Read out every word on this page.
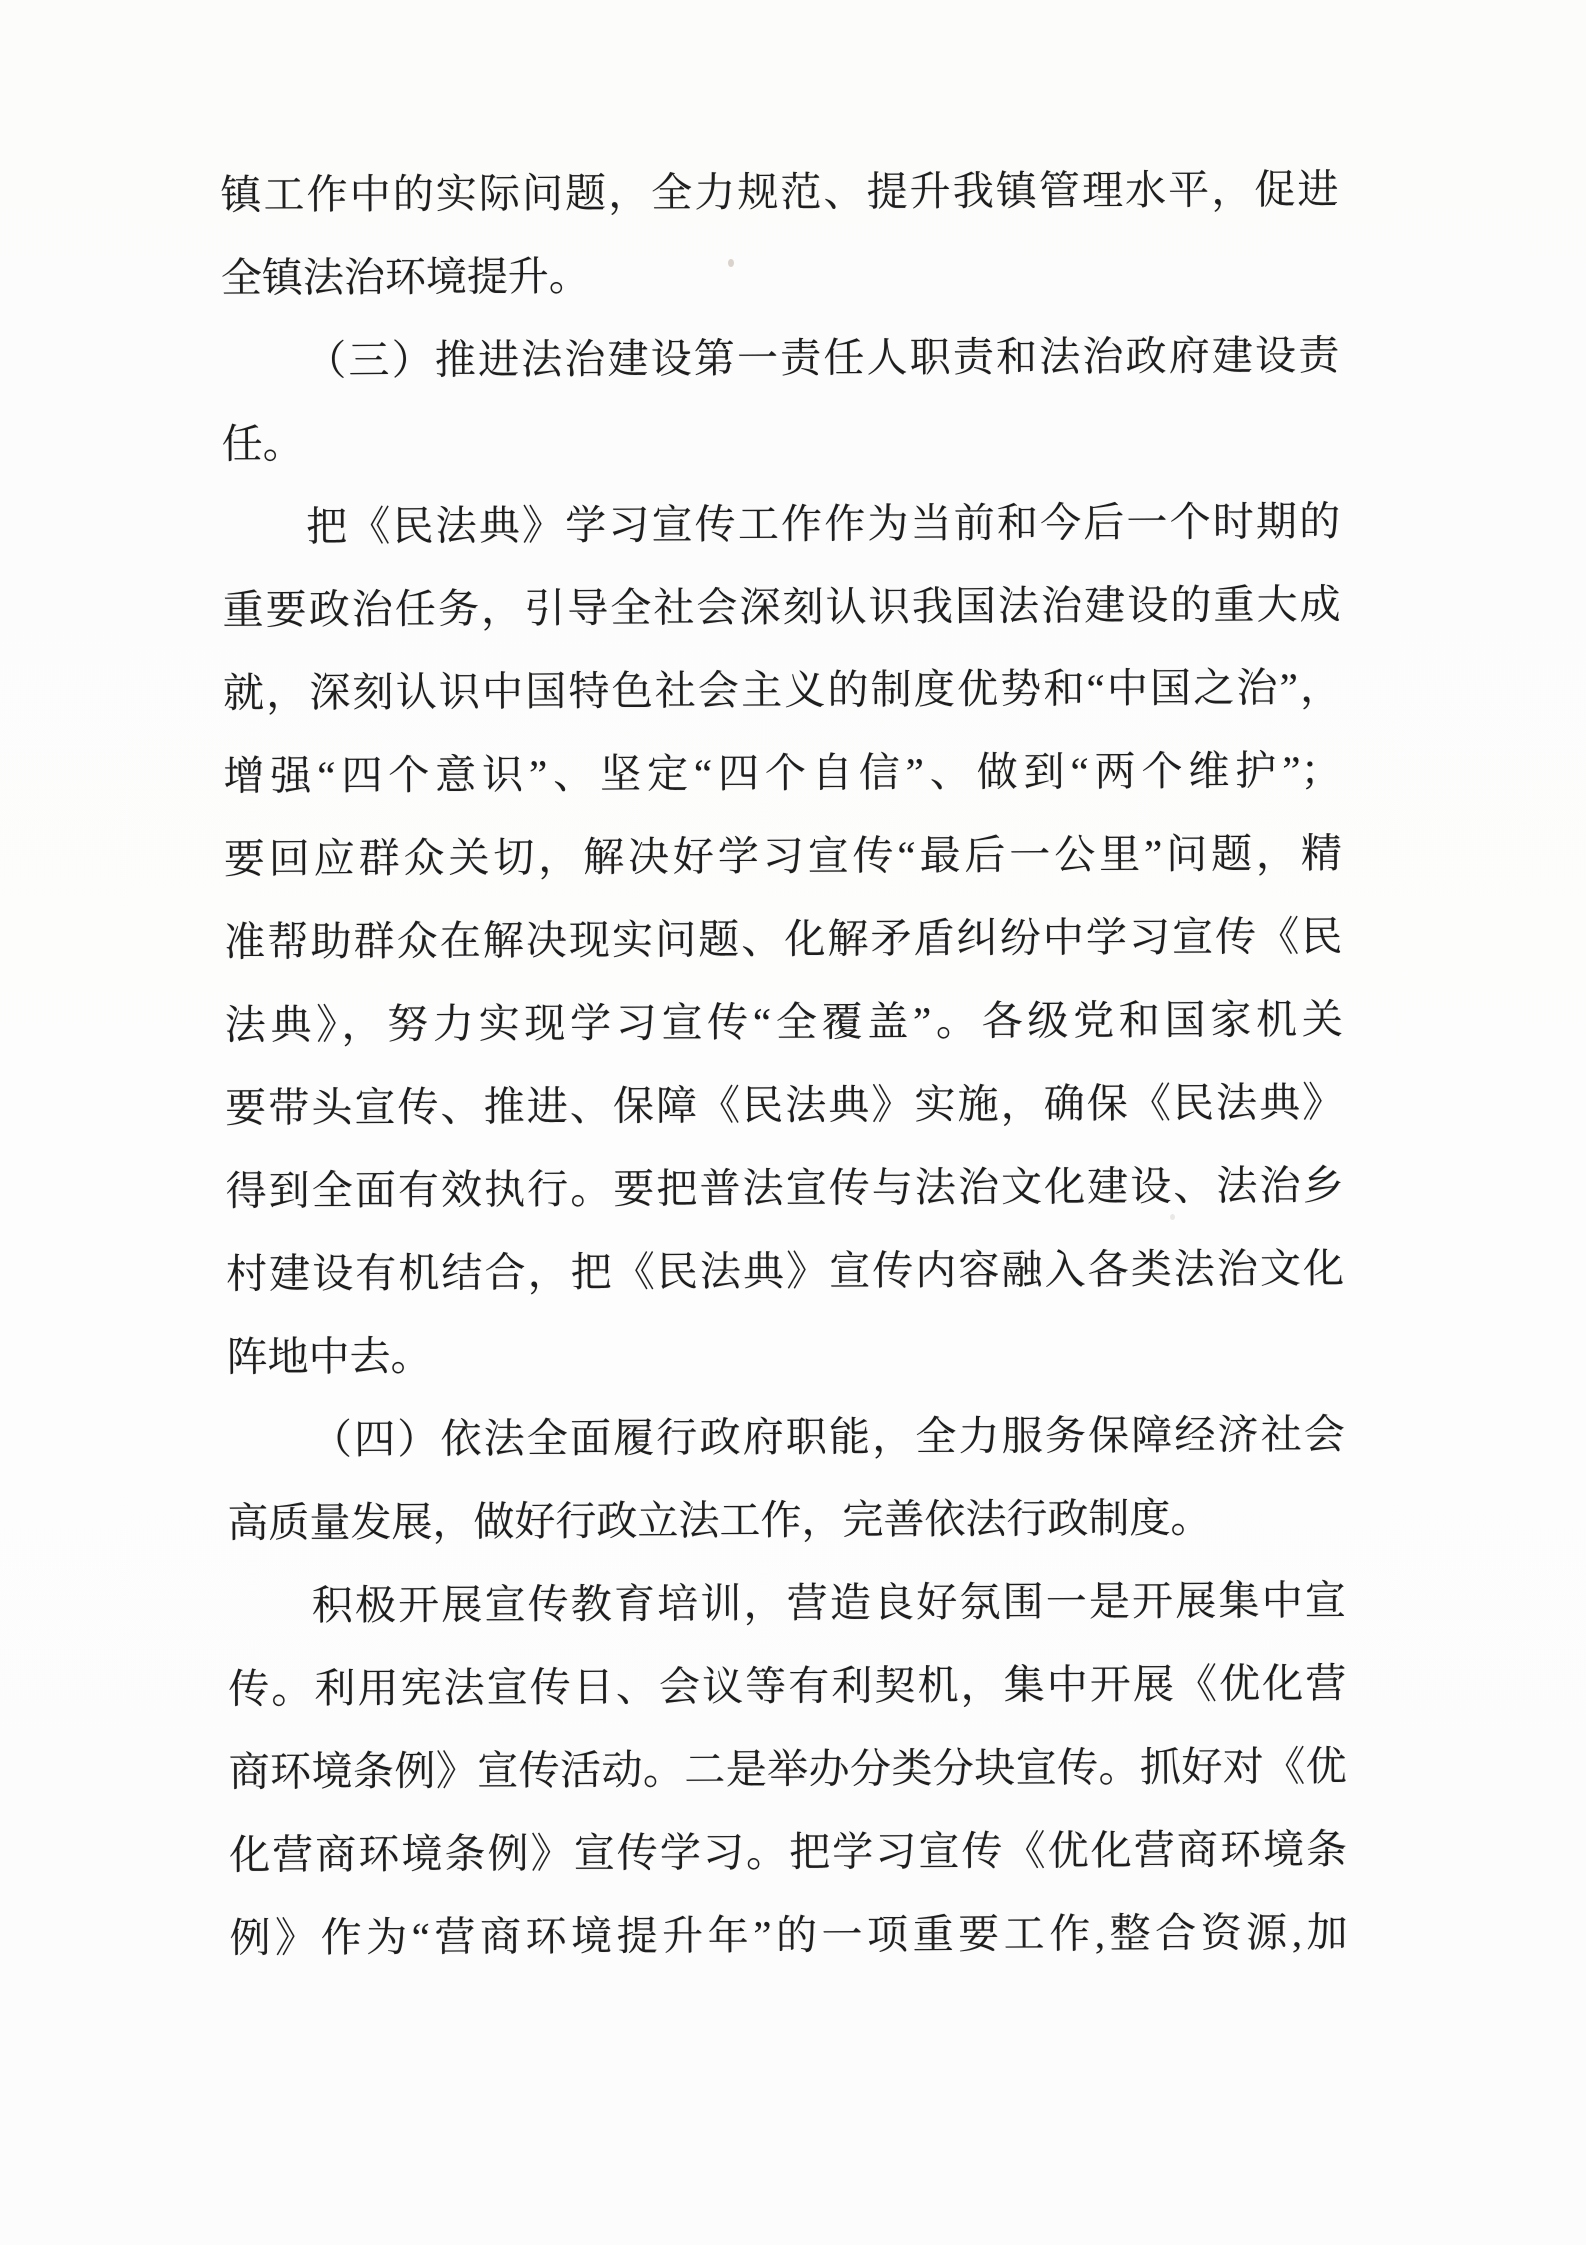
镇工作中的实际问题，全力规范、提升我镇管理水平，促进
全镇法治环境提升。
（三）推进法治建设第一责任人职责和法治政府建设责
任。
把《民法典》学习宣传工作作为当前和今后一个时期的
重要政治任务，引导全社会深刻认识我国法治建设的重大成
就，深刻认识中国特色社会主义的制度优势和“中国之治”，
增强“四个意识”、坚定“四个自信”、做到“两个维护”；
要回应群众关切，解决好学习宣传“最后一公里”问题，精
准帮助群众在解决现实问题、化解矛盾纠纷中学习宣传《民
法典》，努力实现学习宣传“全覆盖”。各级党和国家机关
要带头宣传、推进、保障《民法典》实施，确保《民法典》
得到全面有效执行。要把普法宣传与法治文化建设、法治乡
村建设有机结合，把《民法典》宣传内容融入各类法治文化
阵地中去。
（四）依法全面履行政府职能，全力服务保障经济社会
高质量发展，做好行政立法工作，完善依法行政制度。
积极开展宣传教育培训，营造良好氛围一是开展集中宣
传。利用宪法宣传日、会议等有利契机，集中开展《优化营
商环境条例》宣传活动。二是举办分类分块宣传。抓好对《优
化营商环境条例》宣传学习。把学习宣传《优化营商环境条
例》作为“营商环境提升年”的一项重要工作,整合资源,加
